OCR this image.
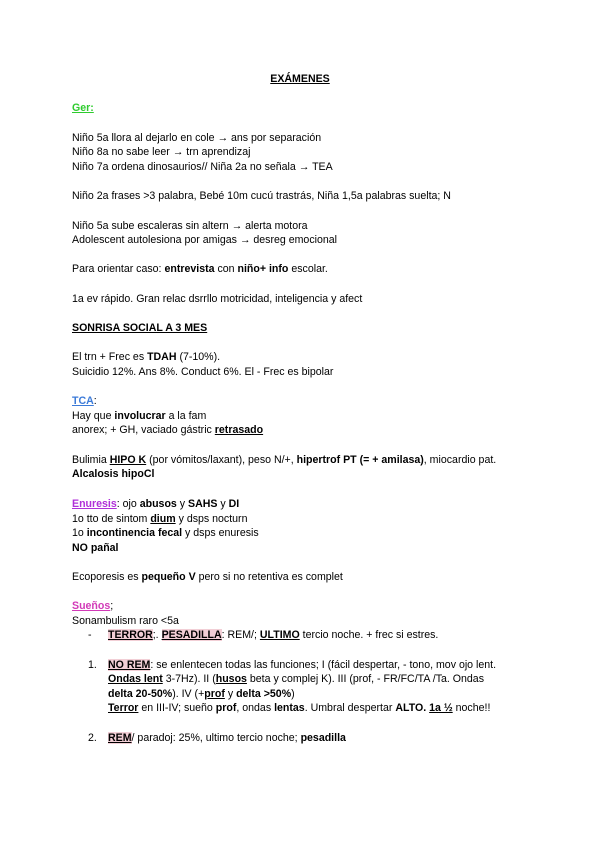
EXÁMENES
Ger:
Niño 5a llora al dejarlo en cole → ans por separación
Niño 8a no sabe leer → trn aprendizaj
Niño 7a ordena dinosaurios// Niña 2a no señala → TEA
Niño 2a frases >3 palabra, Bebé 10m cucú trastrás, Niña 1,5a palabras suelta; N
Niño 5a sube escaleras sin altern → alerta motora
Adolescent autolesiona por amigas → desreg emocional
Para orientar caso: entrevista con niño+ info escolar.
1a ev rápido. Gran relac dsrrllo motricidad, inteligencia y afect
SONRISA SOCIAL A 3 MES
El trn + Frec es TDAH (7-10%).
Suicidio 12%. Ans 8%. Conduct 6%. El - Frec es bipolar
TCA:
Hay que involucrar a la fam
anorex; + GH, vaciado gástric retrasado
Bulimia HIPO K (por vómitos/laxant), peso N/+, hipertrof PT (= + amilasa), miocardio pat.
Alcalosis hipoCl
Enuresis: ojo abusos y SAHS y DI
1o tto de sintom dium y dsps nocturn
1o incontinencia fecal y dsps enuresis
NO pañal
Ecoporesis es pequeño V pero si no retentiva es complet
Sueños;
Sonambulism raro <5a
- TERROR;. PESADILLA: REM/; ULTIMO tercio noche. + frec si estres.
1. NO REM: se enlentecen todas las funciones; I (fácil despertar, - tono, mov ojo lent.
Ondas lent 3-7Hz). II (husos beta y complej K). III (prof, - FR/FC/TA /Ta. Ondas
delta 20-50%). IV (+prof y delta >50%)
Terror en III-IV; sueño prof, ondas lentas. Umbral despertar ALTO. 1a ½ noche!!
2. REM/ paradoj: 25%, ultimo tercio noche; pesadilla
